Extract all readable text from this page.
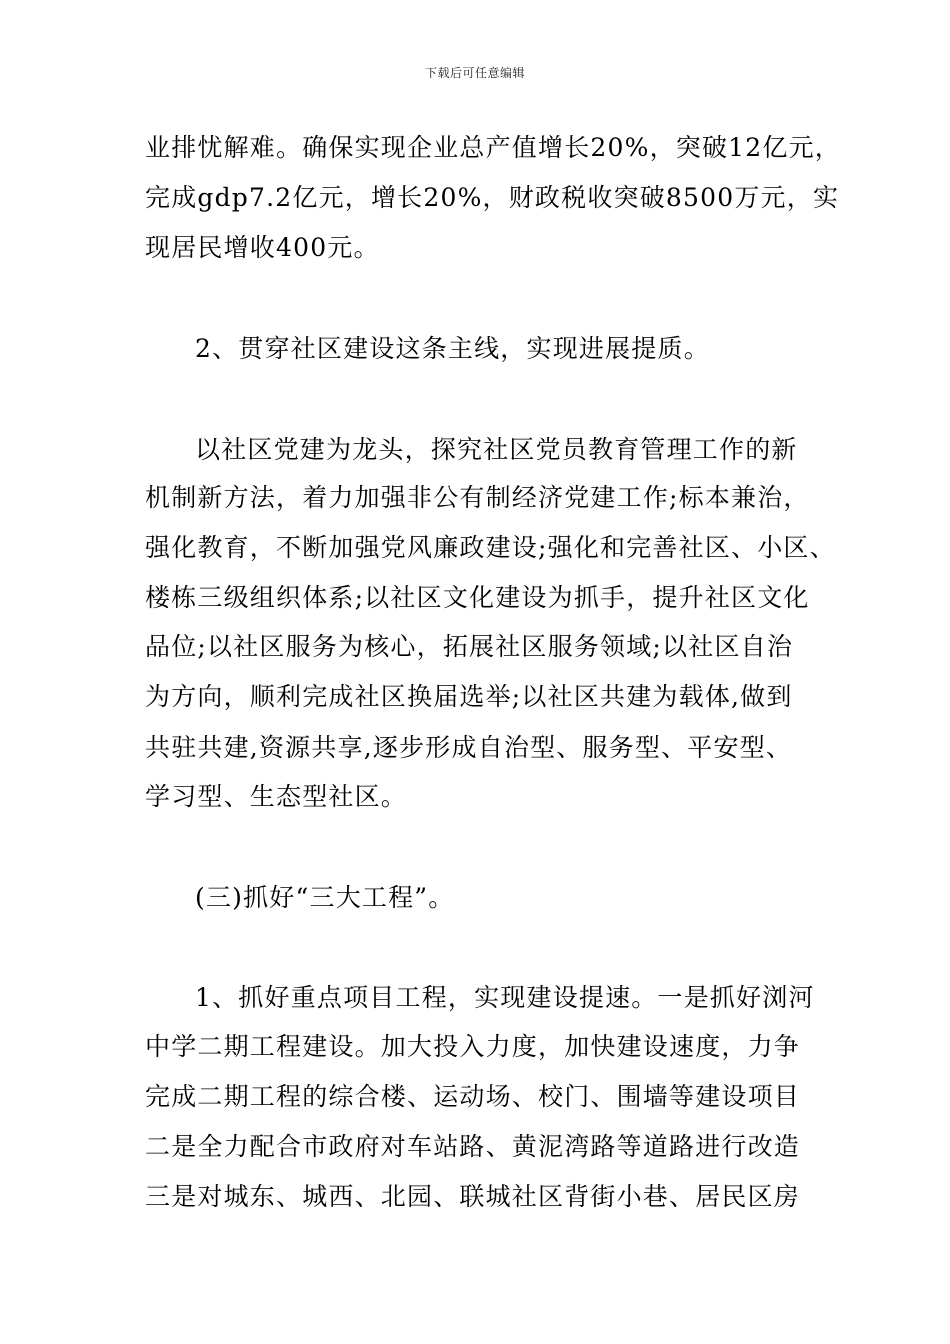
下载后可任意编辑
业排忧解难。确保实现企业总产值增长20%，突破12亿元，
完成gdp7.2亿元，增长20%，财政税收突破8500万元，实
现居民增收400元。
2、贯穿社区建设这条主线，实现进展提质。
以社区党建为龙头，探究社区党员教育管理工作的新
机制新方法，着力加强非公有制经济党建工作;标本兼治，
强化教育，不断加强党风廉政建设;强化和完善社区、小区、
楼栋三级组织体系;以社区文化建设为抓手，提升社区文化
品位;以社区服务为核心，拓展社区服务领域;以社区自治
为方向，顺利完成社区换届选举;以社区共建为载体,做到
共驻共建,资源共享,逐步形成自治型、服务型、平安型、
学习型、生态型社区。
(三)抓好“三大工程”。
1、抓好重点项目工程，实现建设提速。一是抓好浏河
中学二期工程建设。加大投入力度，加快建设速度，力争
完成二期工程的综合楼、运动场、校门、围墙等建设项目
二是全力配合市政府对车站路、黄泥湾路等道路进行改造
三是对城东、城西、北园、联城社区背街小巷、居民区房
